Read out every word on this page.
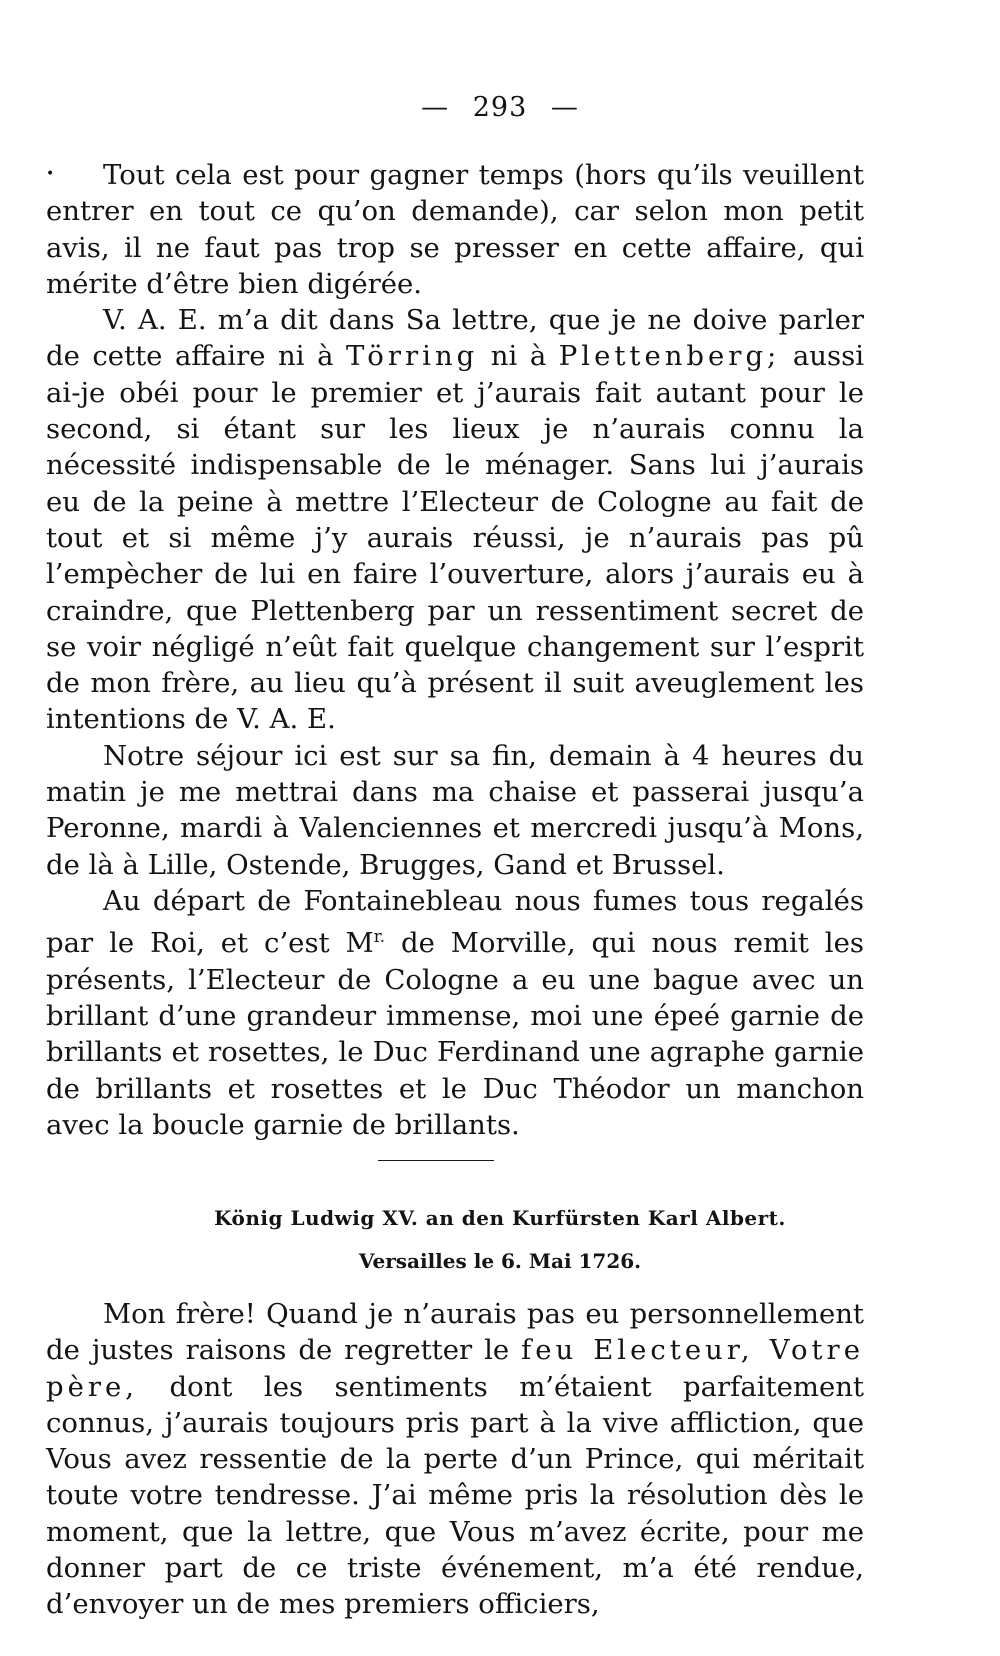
— 293 —
•	Tout cela est pour gagner temps (hors qu’ils veuillent entrer en tout ce qu’on demande), car selon mon petit avis, il ne faut pas trop se presser en cette affaire, qui mérite d’être bien digérée.

V. A. E. m’a dit dans Sa lettre, que je ne doive parler de cette affaire ni à Törring ni à Plettenberg; aussi ai-je obéi pour le premier et j’aurais fait autant pour le second, si étant sur les lieux je n’aurais connu la nécessité indispensable de le ménager. Sans lui j’aurais eu de la peine à mettre l’Electeur de Cologne au fait de tout et si même j’y aurais réussi, je n’aurais pas pû l’empècher de lui en faire l’ouverture, alors j’aurais eu à craindre, que Plettenberg par un ressentiment secret de se voir négligé n’eût fait quelque changement sur l’esprit de mon frère, au lieu qu’à présent il suit aveuglement les intentions de V. A. E.

Notre séjour ici est sur sa fin, demain à 4 heures du matin je me mettrai dans ma chaise et passerai jusqu’a Peronne, mardi à Valenciennes et mercredi jusqu’à Mons, de là à Lille, Ostende, Brugges, Gand et Brussel.

Au départ de Fontainebleau nous fumes tous regalés par le Roi, et c’est $M^{r.}$ de Morville, qui nous remit les présents, l’Electeur de Cologne a eu une bague avec un brillant d’une grandeur immense, moi une épeé garnie de brillants et rosettes, le Duc Ferdinand une agraphe garnie de brillants et rosettes et le Duc Théodor un manchon avec la boucle garnie de brillants.

König Ludwig XV. an den Kurfürsten Karl Albert.
Versailles le 6. Mai 1726.

Mon frère! Quand je n’aurais pas eu personnellement de justes raisons de regretter le feu Electeur, Votre père, dont les sentiments m’étaient parfaitement connus, j’aurais toujours pris part à la vive affliction, que Vous avez ressentie de la perte d’un Prince, qui méritait toute votre tendresse. J’ai même pris la résolution dès le moment, que la lettre, que Vous m’avez écrite, pour me donner part de ce triste événement, m’a été rendue, d’envoyer un de mes premiers officiers,
